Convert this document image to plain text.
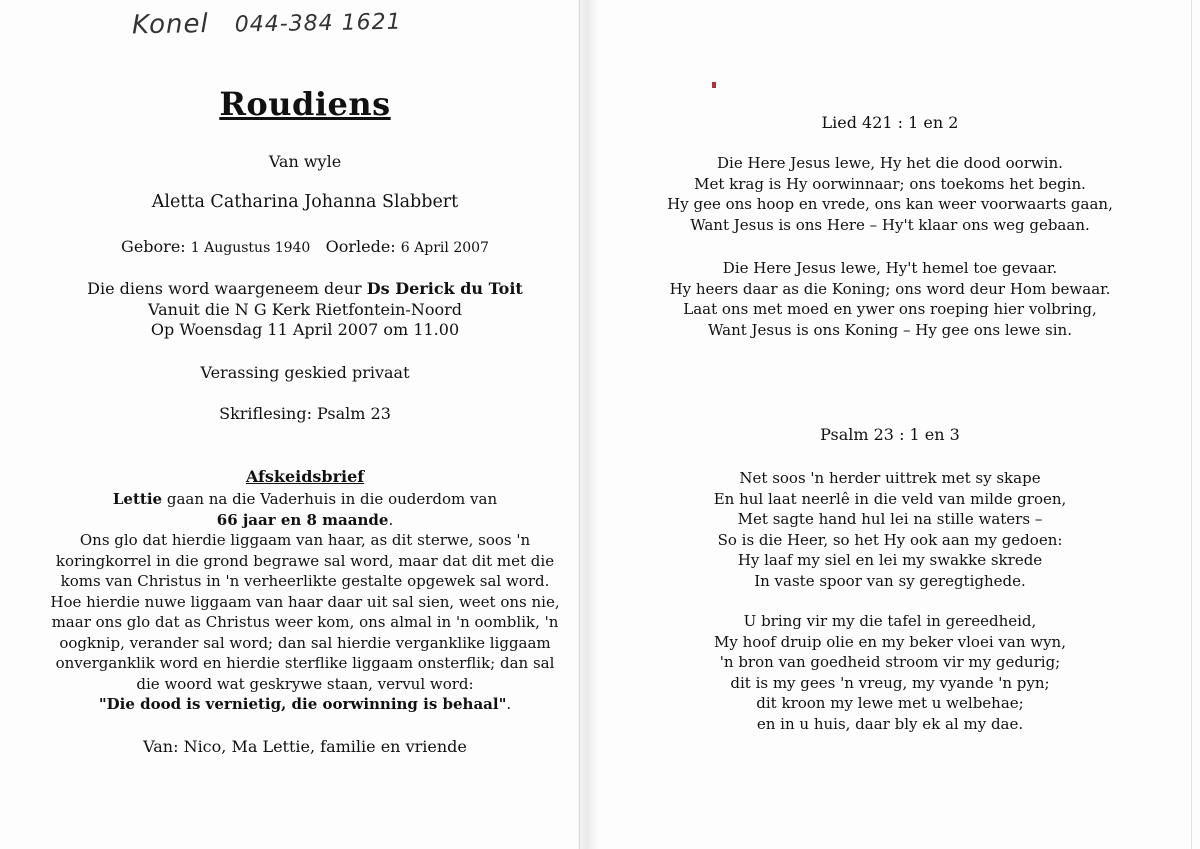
Konel 044-384 1621
Roudiens
Van wyle
Aletta Catharina Johanna Slabbert
Gebore: 1 Augustus 1940 Oorlede: 6 April 2007
Die diens word waargeneem deur Ds Derick du Toit
Vanuit die N G Kerk Rietfontein-Noord
Op Woensdag 11 April 2007 om 11.00
Verassing geskied privaat
Skriflesing: Psalm 23
Afskeidsbrief
Lettie gaan na die Vaderhuis in die ouderdom van
66 jaar en 8 maande.
Ons glo dat hierdie liggaam van haar, as dit sterwe, soos 'n
koringkorrel in die grond begrawe sal word, maar dat dit met die
koms van Christus in 'n verheerlikte gestalte opgewek sal word.
Hoe hierdie nuwe liggaam van haar daar uit sal sien, weet ons nie,
maar ons glo dat as Christus weer kom, ons almal in 'n oomblik, 'n
oogknip, verander sal word; dan sal hierdie verganklike liggaam
onverganklik word en hierdie sterflike liggaam onsterflik; dan sal
die woord wat geskrywe staan, vervul word:
"Die dood is vernietig, die oorwinning is behaal".
Van: Nico, Ma Lettie, familie en vriende
Lied 421 : 1 en 2
Die Here Jesus lewe, Hy het die dood oorwin.
Met krag is Hy oorwinnaar; ons toekoms het begin.
Hy gee ons hoop en vrede, ons kan weer voorwaarts gaan,
Want Jesus is ons Here – Hy't klaar ons weg gebaan.
Die Here Jesus lewe, Hy't hemel toe gevaar.
Hy heers daar as die Koning; ons word deur Hom bewaar.
Laat ons met moed en ywer ons roeping hier volbring,
Want Jesus is ons Koning – Hy gee ons lewe sin.
Psalm 23 : 1 en 3
Net soos 'n herder uittrek met sy skape
En hul laat neerlê in die veld van milde groen,
Met sagte hand hul lei na stille waters –
So is die Heer, so het Hy ook aan my gedoen:
Hy laaf my siel en lei my swakke skrede
In vaste spoor van sy geregtighede.
U bring vir my die tafel in gereedheid,
My hoof druip olie en my beker vloei van wyn,
'n bron van goedheid stroom vir my gedurig;
dit is my gees 'n vreug, my vyande 'n pyn;
dit kroon my lewe met u welbehae;
en in u huis, daar bly ek al my dae.
